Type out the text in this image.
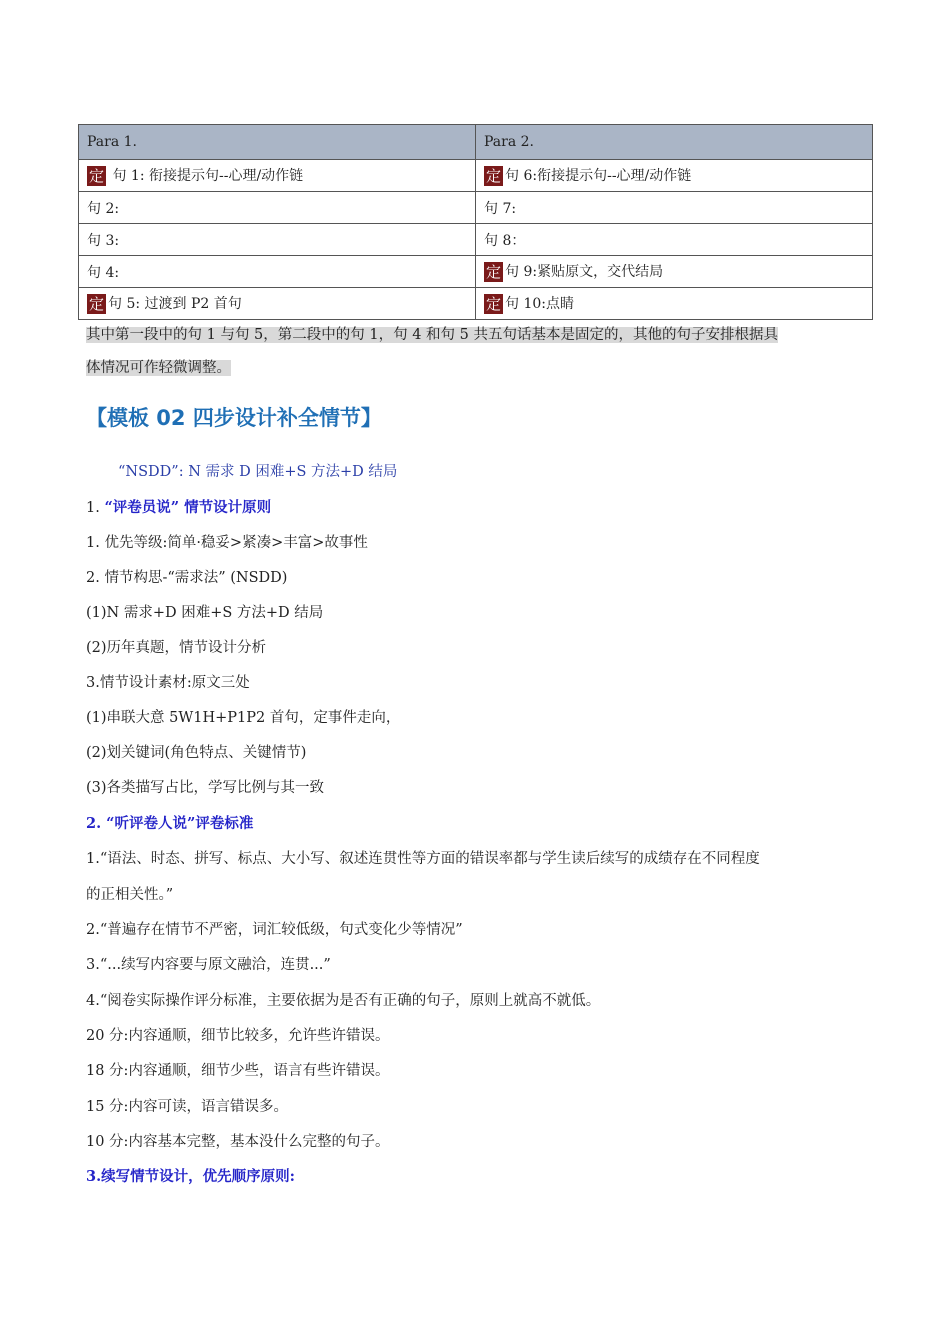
Para 1.	Para 2.
定 句 1: 衔接提示句--心理/动作链	定 句 6:衔接提示句--心理/动作链
句 2:	句 7:
句 3:	句 8：
句 4:	定 句 9:紧贴原文，交代结局
定 句 5: 过渡到 P2 首句	定 句 10:点睛
其中第一段中的句 1 与句 5，第二段中的句 1，句 4 和句 5 共五句话基本是固定的，其他的句子安排根据具
体情况可作轻微调整。
【模板 02 四步设计补全情节】
“NSDD”: N 需求 D 困难+S 方法+D 结局
1. “评卷员说” 情节设计原则
1. 优先等级:简单·稳妥>紧凑>丰富>故事性
2. 情节构思-“需求法” (NSDD)
(1)N 需求+D 困难+S 方法+D 结局
(2)历年真题，情节设计分析
3.情节设计素材:原文三处
(1)串联大意 5W1H+P1P2 首句，定事件走向，
(2)划关键词(角色特点、关键情节)
(3)各类描写占比，学写比例与其一致
2. “听评卷人说”评卷标准
1.“语法、时态、拼写、标点、大小写、叙述连贯性等方面的错误率都与学生读后续写的成绩存在不同程度
的正相关性。”
2.“普遍存在情节不严密，词汇较低级，句式变化少等情况”
3.“...续写内容要与原文融洽，连贯...”
4.“阅卷实际操作评分标准，主要依据为是否有正确的句子，原则上就高不就低。
20 分:内容通顺，细节比较多，允许些许错误。
18 分:内容通顺，细节少些，语言有些许错误。
15 分:内容可读，语言错误多。
10 分:内容基本完整，基本没什么完整的句子。
3.续写情节设计，优先顺序原则:
